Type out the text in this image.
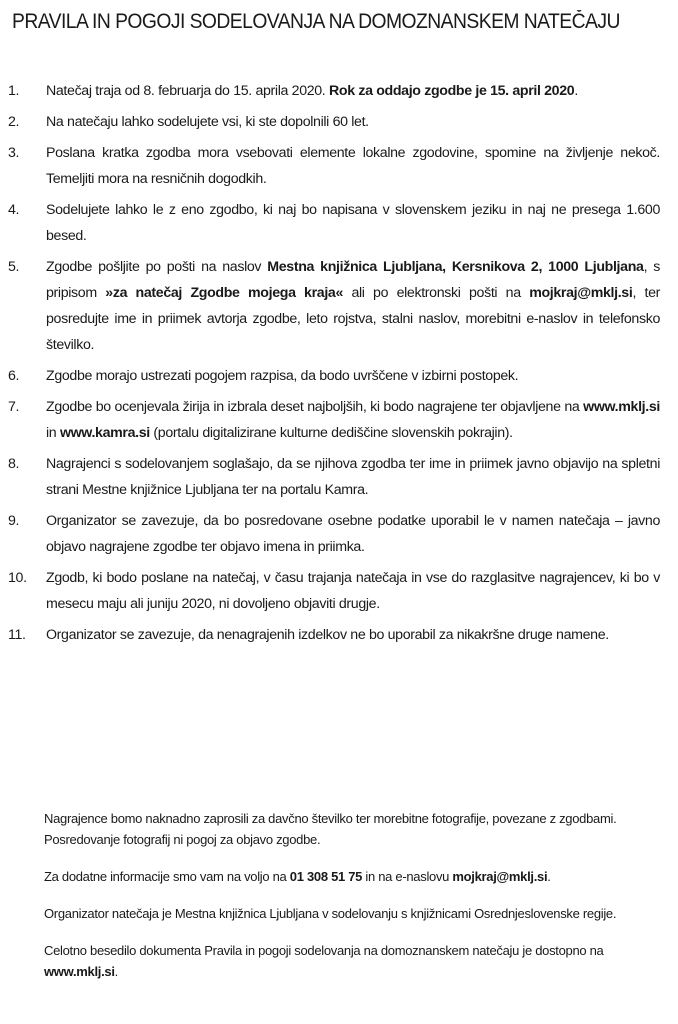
PRAVILA IN POGOJI SODELOVANJA NA DOMOZNANSKEM NATEČAJU
1. Natečaj traja od 8. februarja do 15. aprila 2020. Rok za oddajo zgodbe je 15. april 2020.
2. Na natečaju lahko sodelujete vsi, ki ste dopolnili 60 let.
3. Poslana kratka zgodba mora vsebovati elemente lokalne zgodovine, spomine na življenje nekoč. Temeljiti mora na resničnih dogodkih.
4. Sodelujete lahko le z eno zgodbo, ki naj bo napisana v slovenskem jeziku in naj ne presega 1.600 besed.
5. Zgodbe pošljite po pošti na naslov Mestna knjižnica Ljubljana, Kersnikova 2, 1000 Ljubljana, s pripisom »za natečaj Zgodbe mojega kraja« ali po elektronski pošti na mojkraj@mklj.si, ter posredujte ime in priimek avtorja zgodbe, leto rojstva, stalni naslov, morebitni e-naslov in telefonsko številko.
6. Zgodbe morajo ustrezati pogojem razpisa, da bodo uvrščene v izbirni postopek.
7. Zgodbe bo ocenjevala žirija in izbrala deset najboljših, ki bodo nagrajene ter objavljene na www.mklj.si in www.kamra.si (portalu digitalizirane kulturne dediščine slovenskih pokrajin).
8. Nagrajenci s sodelovanjem soglašajo, da se njihova zgodba ter ime in priimek javno objavijo na spletni strani Mestne knjižnice Ljubljana ter na portalu Kamra.
9. Organizator se zavezuje, da bo posredovane osebne podatke uporabil le v namen natečaja – javno objavo nagrajene zgodbe ter objavo imena in priimka.
10. Zgodb, ki bodo poslane na natečaj, v času trajanja natečaja in vse do razglasitve nagrajencev, ki bo v mesecu maju ali juniju 2020, ni dovoljeno objaviti drugje.
11. Organizator se zavezuje, da nenagrajenih izdelkov ne bo uporabil za nikakršne druge namene.

Nagrajence bomo naknadno zaprosili za davčno številko ter morebitne fotografije, povezane z zgodbami. Posredovanje fotografij ni pogoj za objavo zgodbe.

Za dodatne informacije smo vam na voljo na 01 308 51 75 in na e-naslovu mojkraj@mklj.si.

Organizator natečaja je Mestna knjižnica Ljubljana v sodelovanju s knjižnicami Osrednjeslovenske regije.

Celotno besedilo dokumenta Pravila in pogoji sodelovanja na domoznanskem natečaju je dostopno na www.mklj.si.
